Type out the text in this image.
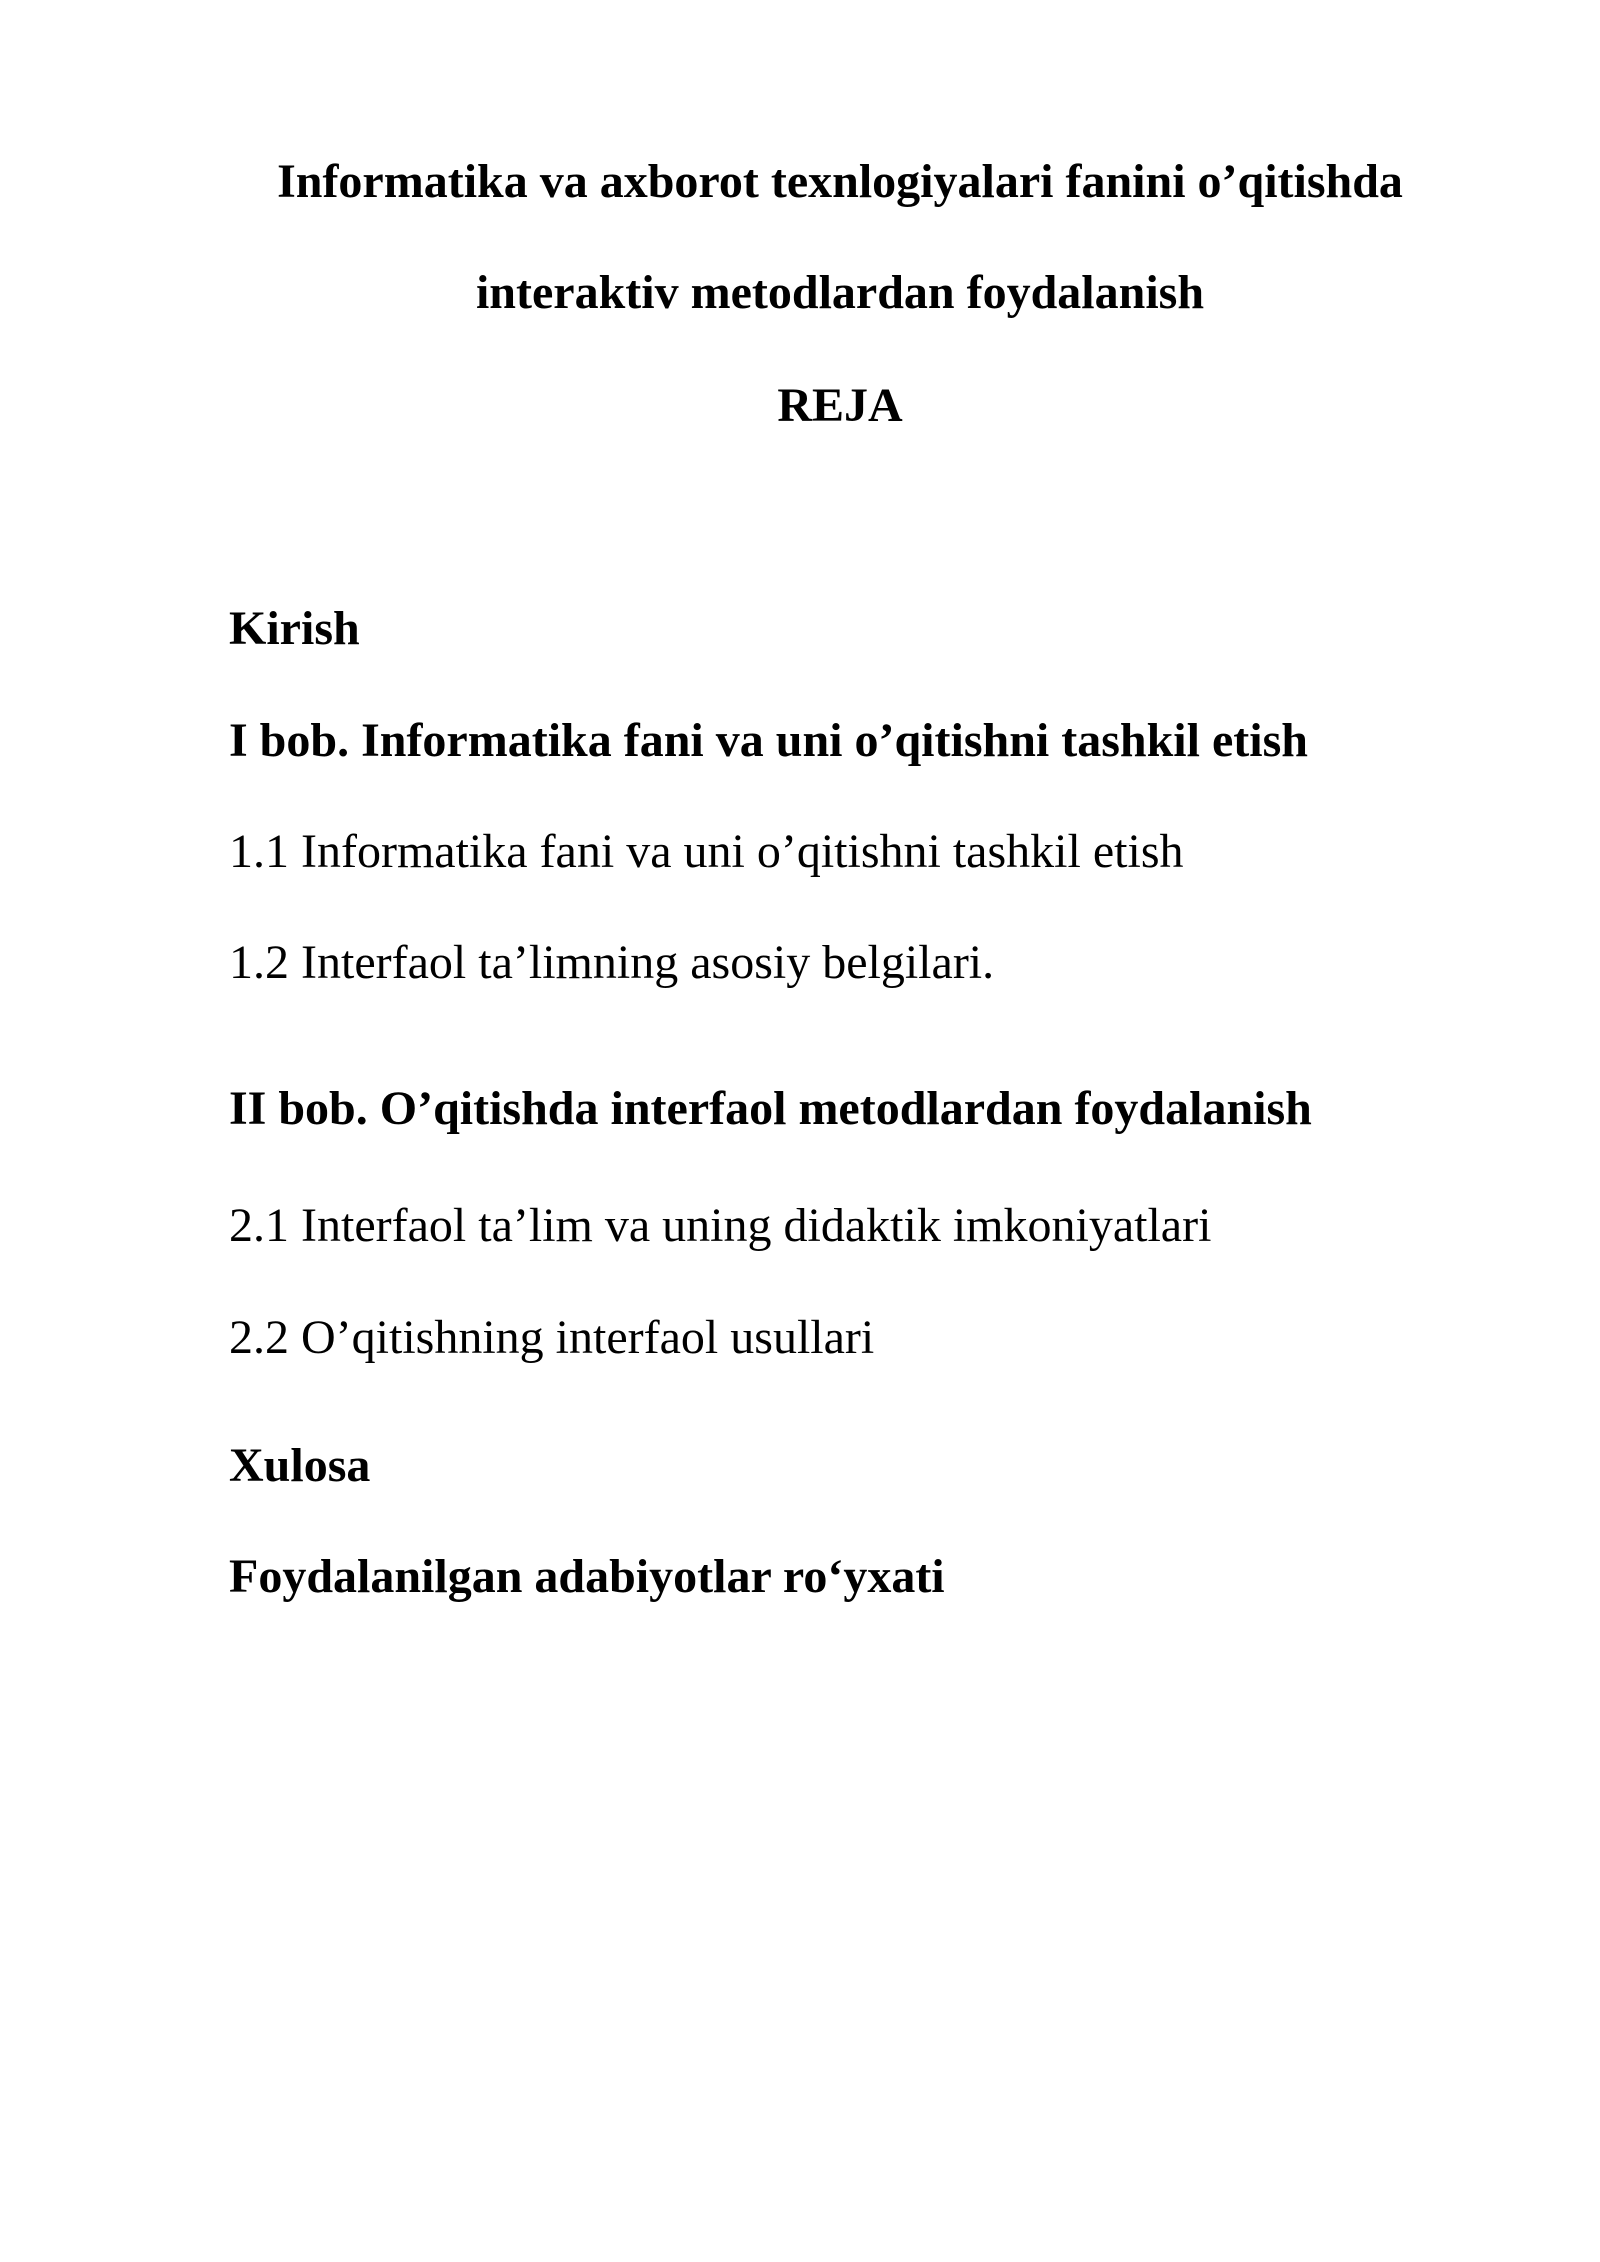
Informatika va axborot texnlogiyalari fanini o’qitishda
interaktiv metodlardan foydalanish
REJA
Kirish
I bob. Informatika fani va uni o’qitishni tashkil etish
1.1 Informatika fani va uni o’qitishni tashkil etish
1.2 Interfaol ta’limning asosiy belgilari.
II bob. O’qitishda interfaol metodlardan foydalanish
2.1 Interfaol ta’lim va uning didaktik imkoniyatlari
2.2 O’qitishning interfaol usullari
Xulosa
Foydalanilgan adabiyotlar ro‘yxati
